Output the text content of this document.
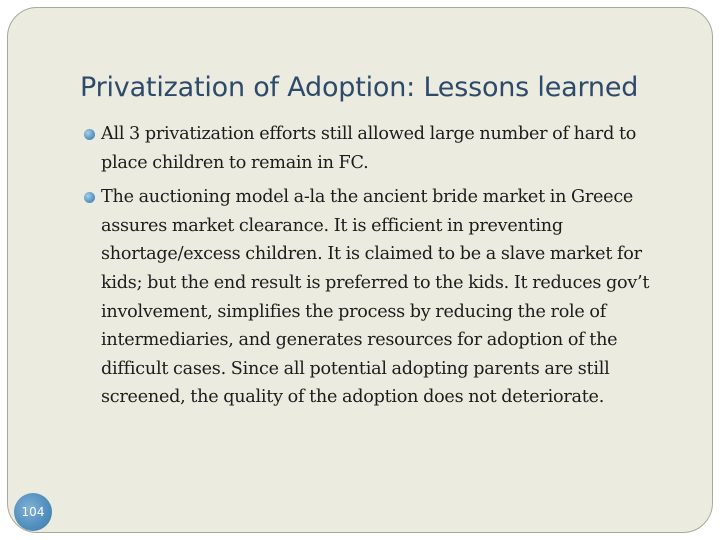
Privatization of Adoption: Lessons learned
All 3 privatization efforts still allowed large number of hard to place children to remain in FC.
The auctioning model a-la the ancient bride market in Greece assures market clearance. It is efficient in preventing shortage/excess children. It is claimed to be a slave market for kids; but the end result is preferred to the kids. It reduces gov’t involvement, simplifies the process by reducing the role of intermediaries, and generates resources for adoption of the difficult cases. Since all potential adopting parents are still screened, the quality of the adoption does not deteriorate.
104
